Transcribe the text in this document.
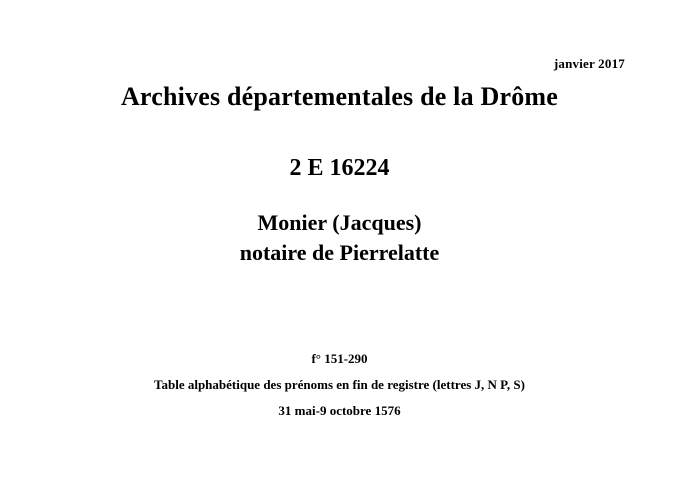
janvier 2017
Archives départementales de la Drôme
2 E 16224
Monier (Jacques)
notaire de Pierrelatte
f° 151-290
Table alphabétique des prénoms en fin de registre (lettres J, N P, S)
31 mai-9 octobre 1576
